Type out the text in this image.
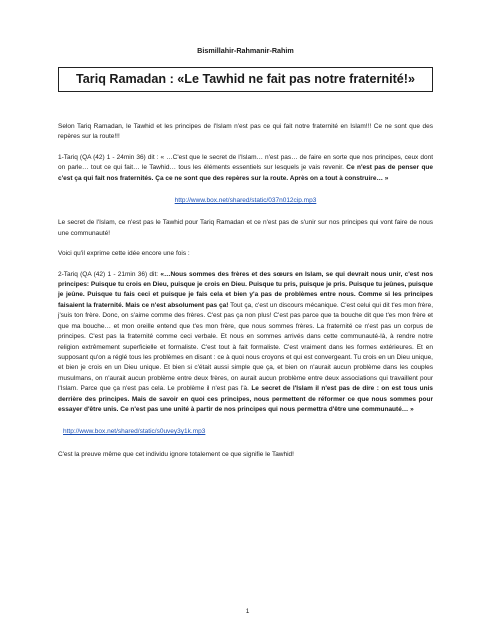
Bismillahir-Rahmanir-Rahim

Tariq Ramadan : «Le Tawhid ne fait pas notre fraternité!»

Selon Tariq Ramadan, le Tawhid et les principes de l'Islam n'est pas ce qui fait notre fraternité en Islam!!! Ce ne sont que des repères sur la route!!!

1-Tariq (QA (42) 1 - 24min 36) dit : « …C'est que le secret de l'Islam… n'est pas… de faire en sorte que nos principes, ceux dont on parle… tout ce qui fait… le Tawhid… tous les éléments essentiels sur lesquels je vais revenir. Ce n'est pas de penser que c'est ça qui fait nos fraternités. Ça ce ne sont que des repères sur la route. Après on a tout à construire… »

http://www.box.net/shared/static/037n012cip.mp3

Le secret de l'Islam, ce n'est pas le Tawhid pour Tariq Ramadan et ce n'est pas de s'unir sur nos principes qui vont faire de nous une communauté!

Voici qu'il exprime cette idée encore une fois :

2-Tariq (QA (42) 1 - 21min 36) dit: «…Nous sommes des frères et des sœurs en Islam, se qui devrait nous unir, c'est nos principes: Puisque tu crois en Dieu, puisque je crois en Dieu. Puisque tu pris, puisque je pris. Puisque tu jeûnes, puisque je jeûne. Puisque tu fais ceci et puisque je fais cela et bien y'a pas de problèmes entre nous. Comme si les principes faisaient la fraternité. Mais ce n'est absolument pas ça! Tout ça, c'est un discours mécanique. C'est celui qui dit t'es mon frère, j'suis ton frère. Donc, on s'aime comme des frères. C'est pas ça non plus! C'est pas parce que ta bouche dit que t'es mon frère et que ma bouche… et mon oreille entend que t'es mon frère, que nous sommes frères. La fraternité ce n'est pas un corpus de principes. C'est pas la fraternité comme ceci verbale. Et nous en sommes arrivés dans cette communauté-là, à rendre notre religion extrêmement superficielle et formaliste. C'est tout à fait formaliste. C'est vraiment dans les formes extérieures. Et en supposant qu'on a réglé tous les problèmes en disant : ce à quoi nous croyons et qui est convergeant. Tu crois en un Dieu unique, et bien je crois en un Dieu unique. Et bien si c'était aussi simple que ça, et bien on n'aurait aucun problème dans les couples musulmans, on n'aurait aucun problème entre deux frères, on aurait aucun problème entre deux associations qui travaillent pour l'Islam. Parce que ça n'est pas cela. Le problème il n'est pas l'à. Le secret de l'Islam il n'est pas de dire : on est tous unis derrière des principes. Mais de savoir en quoi ces principes, nous permettent de réformer ce que nous sommes pour essayer d'être unis. Ce n'est pas une unité à partir de nos principes qui nous permettra d'être une communauté… »

http://www.box.net/shared/static/s0uvey3y1k.mp3

C'est la preuve même que cet individu ignore totalement ce que signifie le Tawhid!

1
